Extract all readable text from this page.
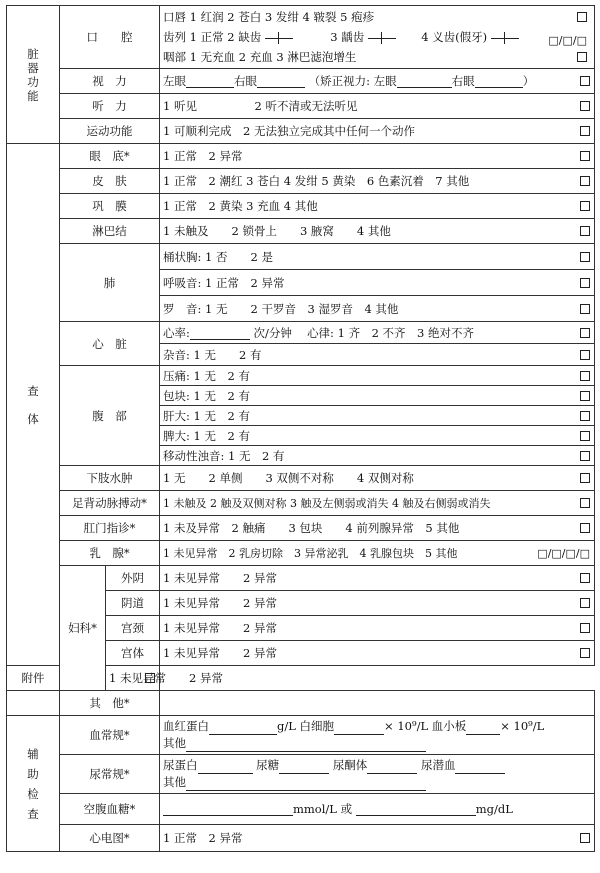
脏器功能	口　　腔		口唇 1 红润 2 苍白 3 发绀 4 皲裂 5 疱疹
齿列 1 正常 2 缺齿 3 龋齿 4 义齿(假牙) □/□/□
咽部 1 无充血 2 充血 3 淋巴滤泡增生

	视　力		左眼 右眼 （矫正视力: 左眼 右眼 ）

	听　力		1 听见　　　　　2 听不清或无法听见

	运动功能		1 可顺利完成　2 无法独立完成其中任何一个动作

查体	眼　底*		1 正常　2 异常

	皮　肤		1 正常　2 潮红 3 苍白 4 发绀 5 黄染　6 色素沉着　7 其他

	巩　膜		1 正常　2 黄染 3 充血 4 其他

	淋巴结		1 未触及　　2 锁骨上　　3 腋窝　　4 其他

	肺		桶状胸: 1 否　　2 是

			呼吸音: 1 正常　2 异常

			罗　音: 1 无　　2 干罗音　3 湿罗音　4 其他

	心　脏		心率: 次/分钟　 心律: 1 齐　2 不齐　3 绝对不齐

			杂音: 1 无　　2 有

	腹　部		压痛: 1 无　2 有

			包块: 1 无　2 有

			肝大: 1 无　2 有

			脾大: 1 无　2 有

			移动性浊音: 1 无　2 有

	下肢水肿		1 无　　2 单侧　　3 双侧不对称　　4 双侧对称

	足背动脉搏动*		1 未触及 2 触及双侧对称 3 触及左侧弱或消失 4 触及右侧弱或消失

	肛门指诊*		1 未及异常　2 触痛　　3 包块　　4 前列腺异常　5 其他

	乳　腺*		1 未见异常　2 乳房切除　3 异常泌乳　4 乳腺包块　5 其他 □/□/□/□

	妇科*	外阴	1 未见异常　　2 异常

		阴道	1 未见异常　　2 异常

		宫颈	1 未见异常　　2 异常

		宫体	1 未见异常　　2 异常

附件		1 未见异常　　2 异常	

	其　他*		

辅助检查	血常规*		血红蛋白 g/L 白细胞 × 10⁹/L 血小板 × 10⁹/L
其他

	尿常规*		尿蛋白 尿糖 尿酮体 尿潜血
其他

	空腹血糖*		mmol/L 或 mg/dL
	心电图*		1 正常　2 异常
